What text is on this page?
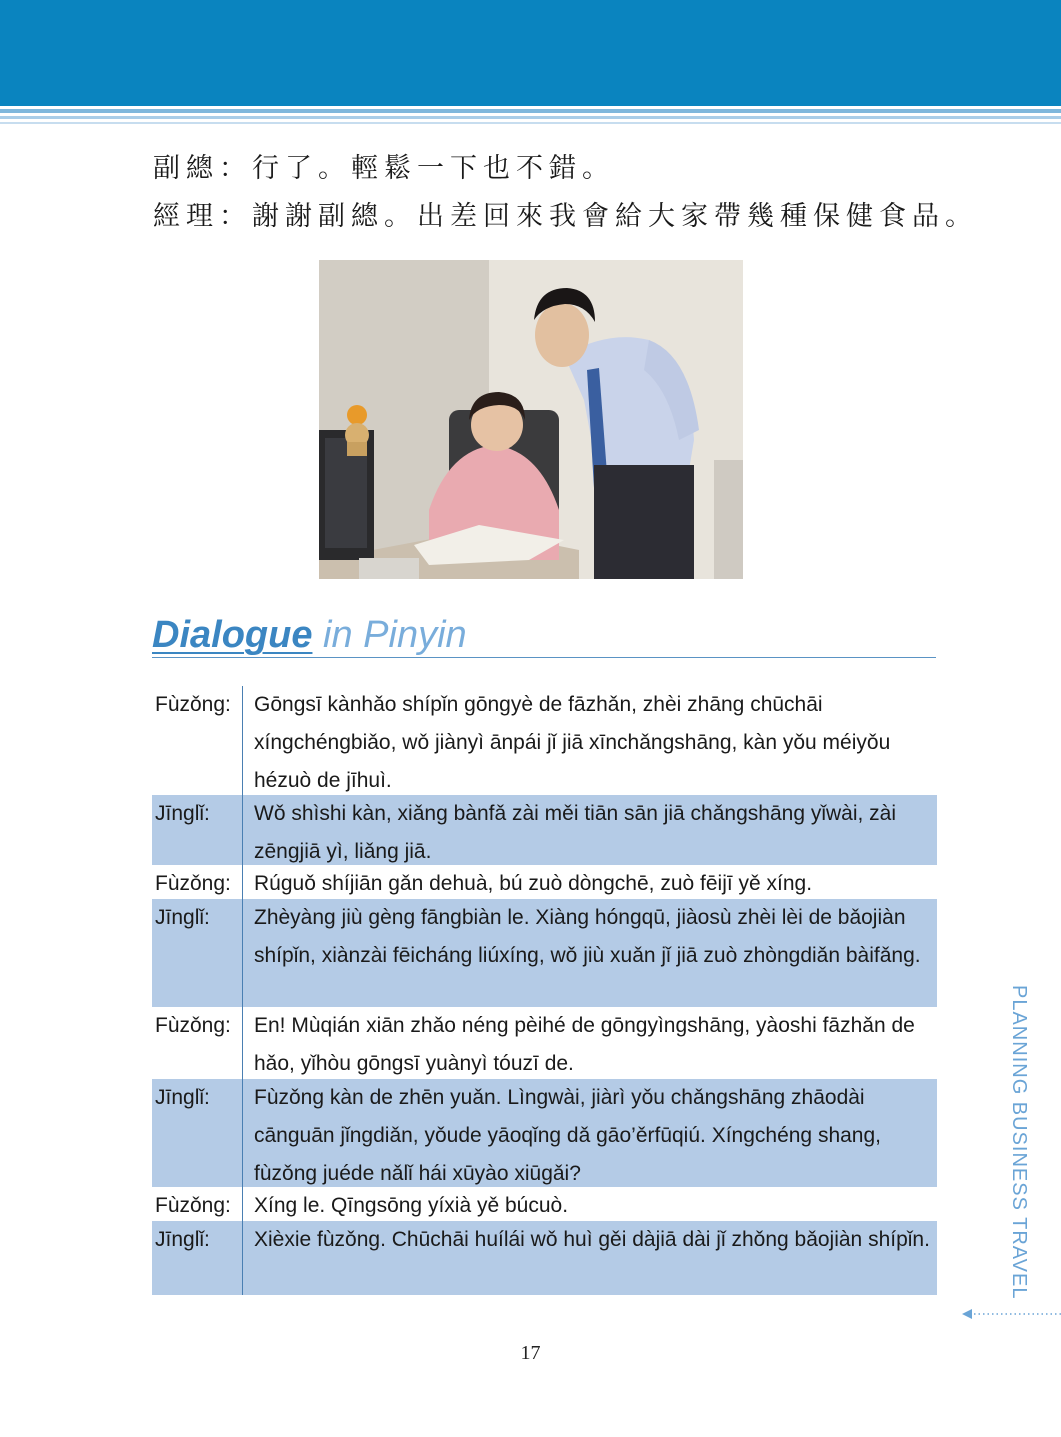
副總：行了。輕鬆一下也不錯。
經理：謝謝副總。出差回來我會給大家帶幾種保健食品。
Dialogue in Pinyin
Fùzǒng:	Gōngsī kànhǎo shípǐn gōngyè de fāzhǎn, zhèi zhāng chūchāi xíngchéngbiǎo, wǒ jiànyì ānpái jǐ jiā xīnchǎngshāng, kàn yǒu méiyǒu hézuò de jīhuì.
Jīnglǐ:	Wǒ shìshi kàn, xiǎng bànfǎ zài měi tiān sān jiā chǎngshāng yǐwài, zài zēngjiā yì, liǎng jiā.
Fùzǒng:	Rúguǒ shíjiān gǎn dehuà, bú zuò dòngchē, zuò fēijī yě xíng.
Jīnglǐ:	Zhèyàng jiù gèng fāngbiàn le. Xiàng hóngqū, jiàosù zhèi lèi de bǎojiàn shípǐn, xiànzài fēicháng liúxíng, wǒ jiù xuǎn jǐ jiā zuò zhòngdiǎn bàifǎng.
Fùzǒng:	En! Mùqián xiān zhǎo néng pèihé de gōngyìngshāng, yàoshi fāzhǎn de hǎo, yǐhòu gōngsī yuànyì tóuzī de.
Jīnglǐ:	Fùzǒng kàn de zhēn yuǎn. Lìngwài, jiàrì yǒu chǎngshāng zhāodài cānguān jǐngdiǎn, yǒude yāoqǐng dǎ gāo’ěrfūqiú. Xíngchéng shang, fùzǒng juéde nǎlǐ hái xūyào xiūgǎi?
Fùzǒng:	Xíng le. Qīngsōng yíxià yě búcuò.
Jīnglǐ:	Xièxie fùzǒng. Chūchāi huílái wǒ huì gěi dàjiā dài jǐ zhǒng bǎojiàn shípǐn.	PLANNING BUSINESS TRAVEL
17
